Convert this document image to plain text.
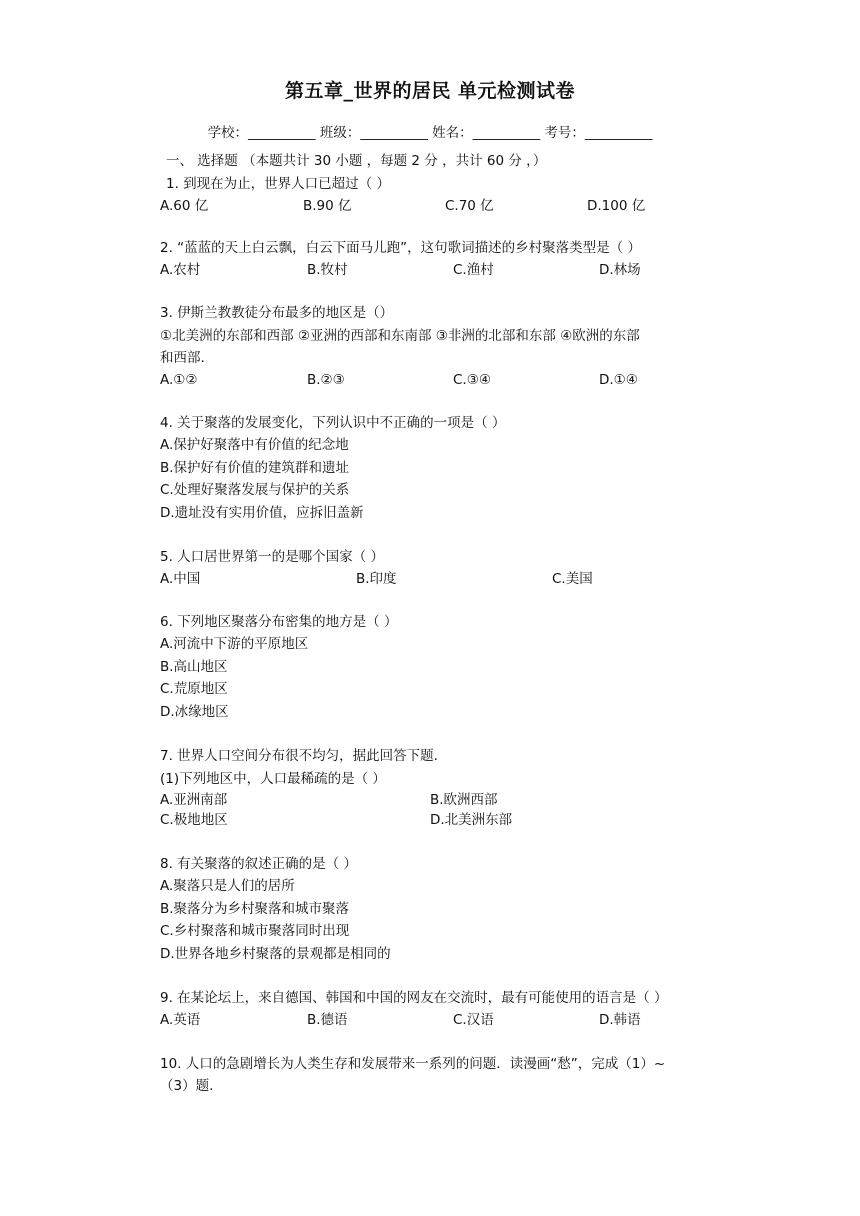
第五章_世界的居民 单元检测试卷
学校：__________ 班级：__________ 姓名：__________ 考号：__________
一、 选择题 （本题共计 30 小题 ，每题 2 分 ，共计 60 分 ，）
1. 到现在为止，世界人口已超过（ ）
A.60 亿	B.90 亿	C.70 亿	D.100 亿
2. “蓝蓝的天上白云飘，白云下面马儿跑”，这句歌词描述的乡村聚落类型是（ ）
A.农村	B.牧村	C.渔村	D.林场
3. 伊斯兰教教徒分布最多的地区是（）
①北美洲的东部和西部 ②亚洲的西部和东南部 ③非洲的北部和东部 ④欧洲的东部
和西部.
A.①②	B.②③	C.③④	D.①④
4. 关于聚落的发展变化，下列认识中不正确的一项是（ ）
A.保护好聚落中有价值的纪念地
B.保护好有价值的建筑群和遗址
C.处理好聚落发展与保护的关系
D.遗址没有实用价值，应拆旧盖新
5. 人口居世界第一的是哪个国家（ ）
A.中国	B.印度	C.美国
6. 下列地区聚落分布密集的地方是（ ）
A.河流中下游的平原地区
B.高山地区
C.荒原地区
D.冰缘地区
7. 世界人口空间分布很不均匀，据此回答下题.
(1)下列地区中，人口最稀疏的是（ ）
A.亚洲南部	B.欧洲西部
C.极地地区	D.北美洲东部
8. 有关聚落的叙述正确的是（ ）
A.聚落只是人们的居所
B.聚落分为乡村聚落和城市聚落
C.乡村聚落和城市聚落同时出现
D.世界各地乡村聚落的景观都是相同的
9. 在某论坛上，来自德国、韩国和中国的网友在交流时，最有可能使用的语言是（ ）
A.英语	B.德语	C.汉语	D.韩语
10. 人口的急剧增长为人类生存和发展带来一系列的问题．读漫画“愁”，完成（1）~
（3）题.
